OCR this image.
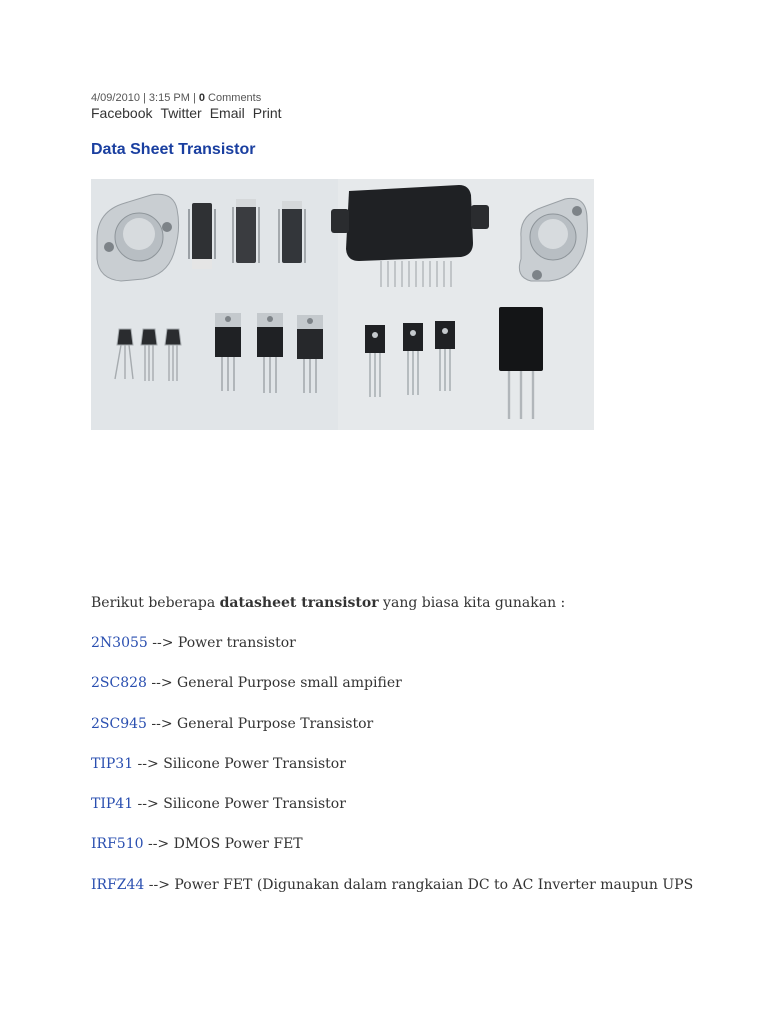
4/09/2010 | 3:15 PM | 0 Comments
Facebook Twitter Email Print
Data Sheet Transistor
Berikut beberapa datasheet transistor yang biasa kita gunakan :
2N3055 --> Power transistor
2SC828 --> General Purpose small ampifier
2SC945 --> General Purpose Transistor
TIP31 --> Silicone Power Transistor
TIP41 --> Silicone Power Transistor
IRF510 --> DMOS Power FET
IRFZ44 --> Power FET (Digunakan dalam rangkaian DC to AC Inverter maupun UPS
